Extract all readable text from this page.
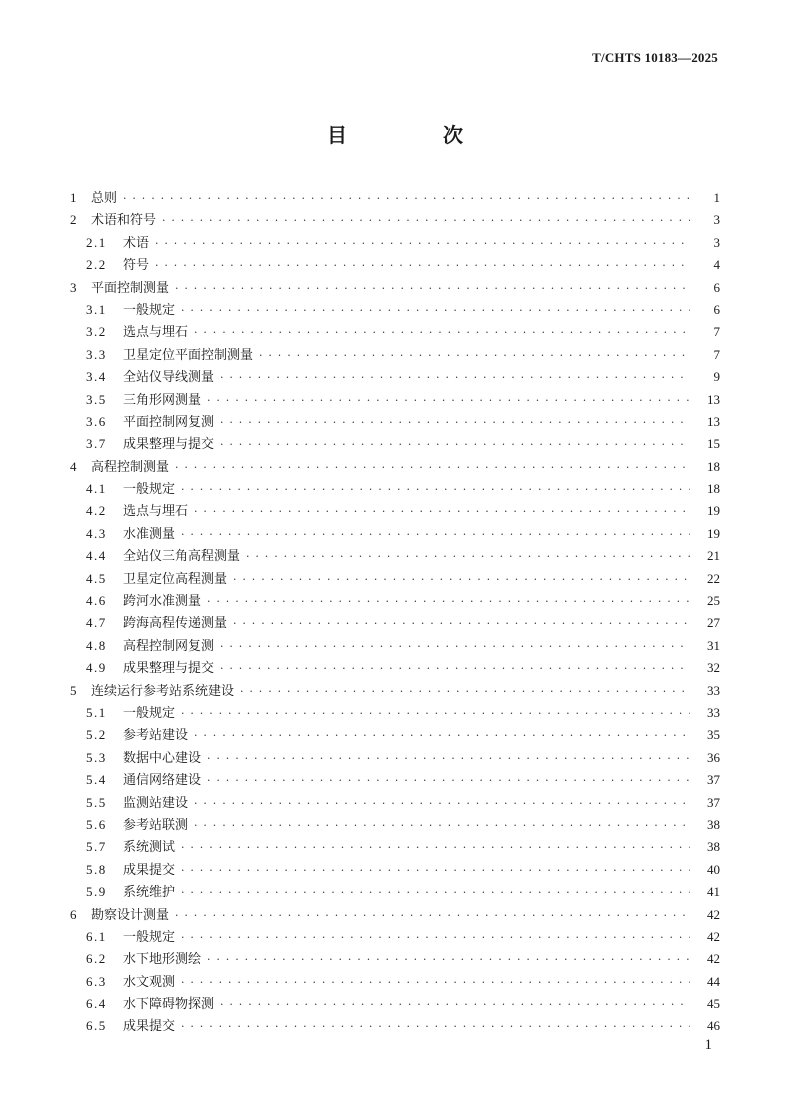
T/CHTS 10183—2025
目　次
1	总则 · · ·	1
2	术语和符号 · · ·	3
2.1	术语 · · ·	3
2.2	符号 · · ·	4
3	平面控制测量 · · ·	6
3.1	一般规定 · · ·	6
3.2	选点与埋石 · · ·	7
3.3	卫星定位平面控制测量 · · ·	7
3.4	全站仪导线测量 · · ·	9
3.5	三角形网测量 · · ·	13
3.6	平面控制网复测 · · ·	13
3.7	成果整理与提交 · · ·	15
4	高程控制测量 · · ·	18
4.1	一般规定 · · ·	18
4.2	选点与埋石 · · ·	19
4.3	水准测量 · · ·	19
4.4	全站仪三角高程测量 · · ·	21
4.5	卫星定位高程测量 · · ·	22
4.6	跨河水准测量 · · ·	25
4.7	跨海高程传递测量 · · ·	27
4.8	高程控制网复测 · · ·	31
4.9	成果整理与提交 · · ·	32
5	连续运行参考站系统建设 · · ·	33
5.1	一般规定 · · ·	33
5.2	参考站建设 · · ·	35
5.3	数据中心建设 · · ·	36
5.4	通信网络建设 · · ·	37
5.5	监测站建设 · · ·	37
5.6	参考站联测 · · ·	38
5.7	系统测试 · · ·	38
5.8	成果提交 · · ·	40
5.9	系统维护 · · ·	41
6	勘察设计测量 · · ·	42
6.1	一般规定 · · ·	42
6.2	水下地形测绘 · · ·	42
6.3	水文观测 · · ·	44
6.4	水下障碍物探测 · · ·	45
6.5	成果提交 · · ·	46
1
